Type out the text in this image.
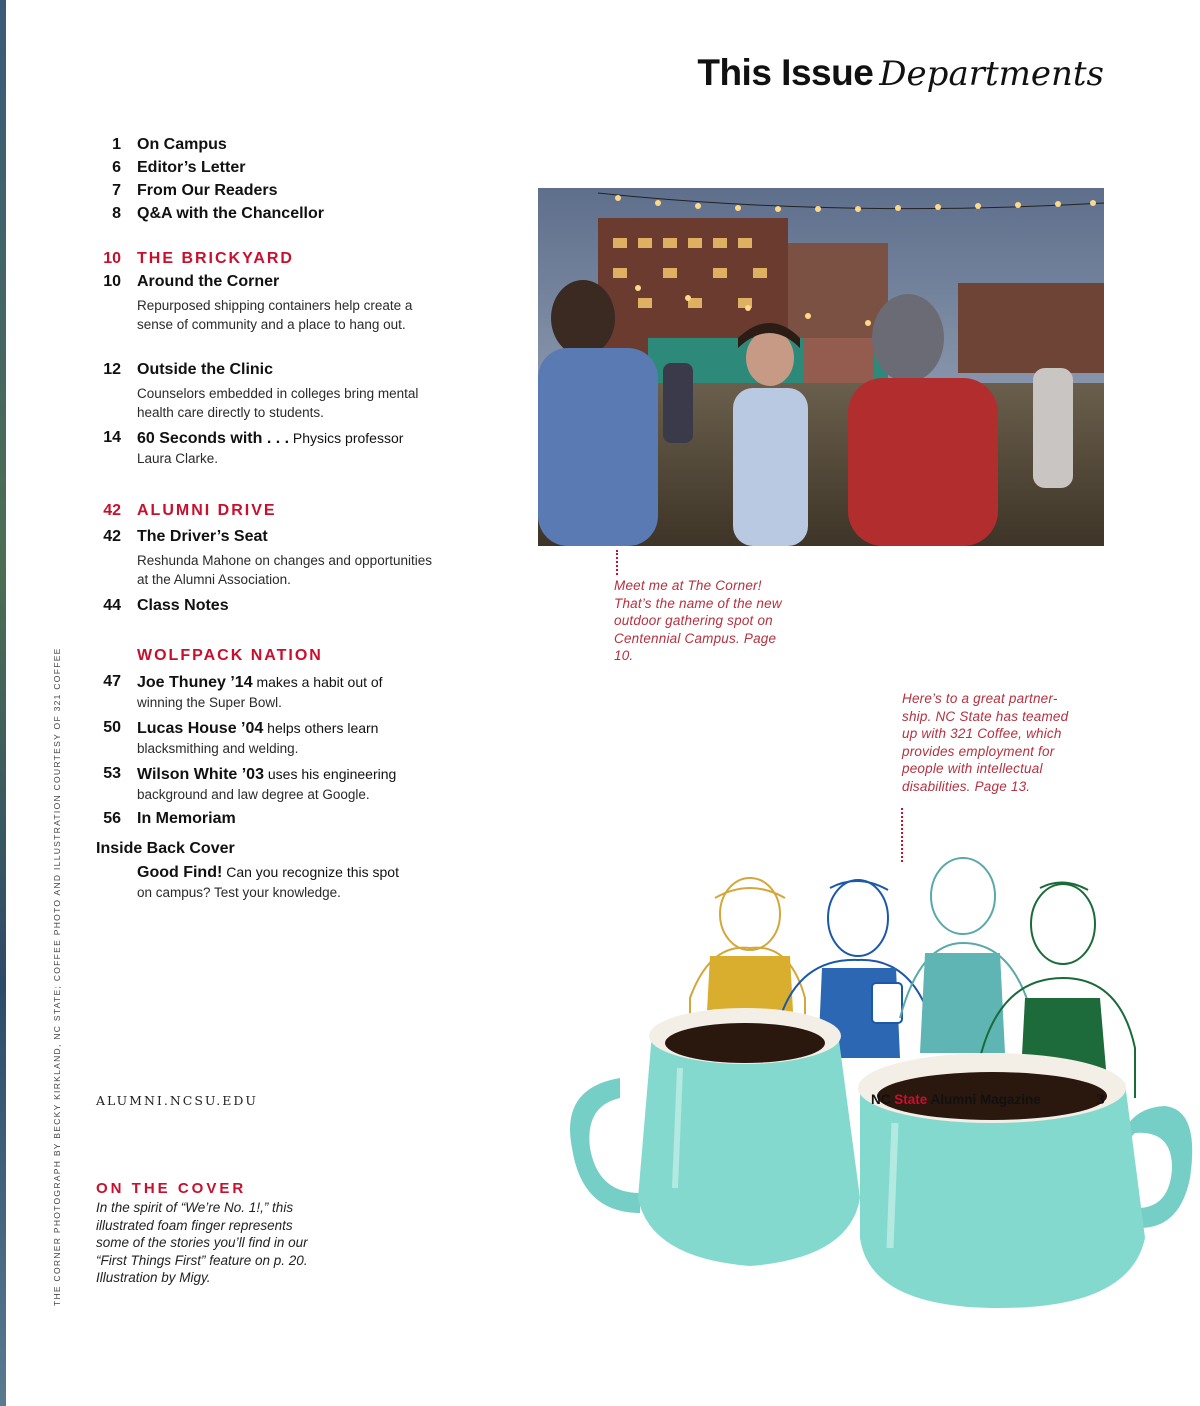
This Issue Departments
1 On Campus
6 Editor’s Letter
7 From Our Readers
8 Q&A with the Chancellor
10 THE BRICKYARD
10 Around the Corner
Repurposed shipping containers help create a sense of community and a place to hang out.
12 Outside the Clinic
Counselors embedded in colleges bring mental health care directly to students.
14 60 Seconds with . . . Physics professor
Laura Clarke.
42 ALUMNI DRIVE
42 The Driver’s Seat
Reshunda Mahone on changes and opportunities at the Alumni Association.
44 Class Notes
WOLFPACK NATION
47 Joe Thuney ’14 makes a habit out of
winning the Super Bowl.
50 Lucas House ’04 helps others learn
blacksmithing and welding.
53 Wilson White ’03 uses his engineering
background and law degree at Google.
56 In Memoriam
Inside Back Cover
Good Find! Can you recognize this spot
on campus? Test your knowledge.
Meet me at The Corner! That’s the name of the new outdoor gathering spot on Centennial Campus. Page 10.
Here’s to a great partner-ship. NC State has teamed up with 321 Coffee, which provides employment for people with intellectual disabilities. Page 13.
ON THE COVER
In the spirit of “We’re No. 1!,” this illustrated foam finger represents some of the stories you’ll find in our “First Things First” feature on p. 20. Illustration by Migy.
THE CORNER PHOTOGRAPH BY BECKY KIRKLAND, NC STATE; COFFEE PHOTO AND ILLUSTRATION COURTESY OF 321 COFFEE	ALUMNI.NCSU.EDU	NC State Alumni Magazine	3
